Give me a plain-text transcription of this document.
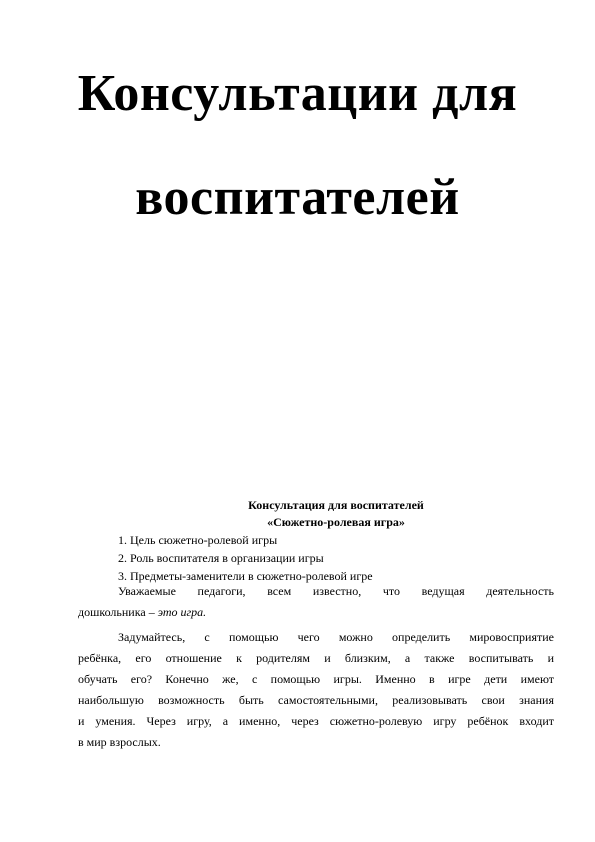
Консультации для
воспитателей
Консультация для воспитателей
«Сюжетно-ролевая игра»
1. Цель сюжетно-ролевой игры
2. Роль воспитателя в организации игры
3. Предметы-заменители в сюжетно-ролевой игре
Уважаемые педагоги, всем известно, что ведущая деятельность
дошкольника – это игра.
Задумайтесь, с помощью чего можно определить мировосприятие
ребёнка, его отношение к родителям и близким, а также воспитывать и
обучать его? Конечно же, с помощью игры. Именно в игре дети имеют
наибольшую возможность быть самостоятельными, реализовывать свои знания
и умения. Через игру, а именно, через сюжетно-ролевую игру ребёнок входит
в мир взрослых.
